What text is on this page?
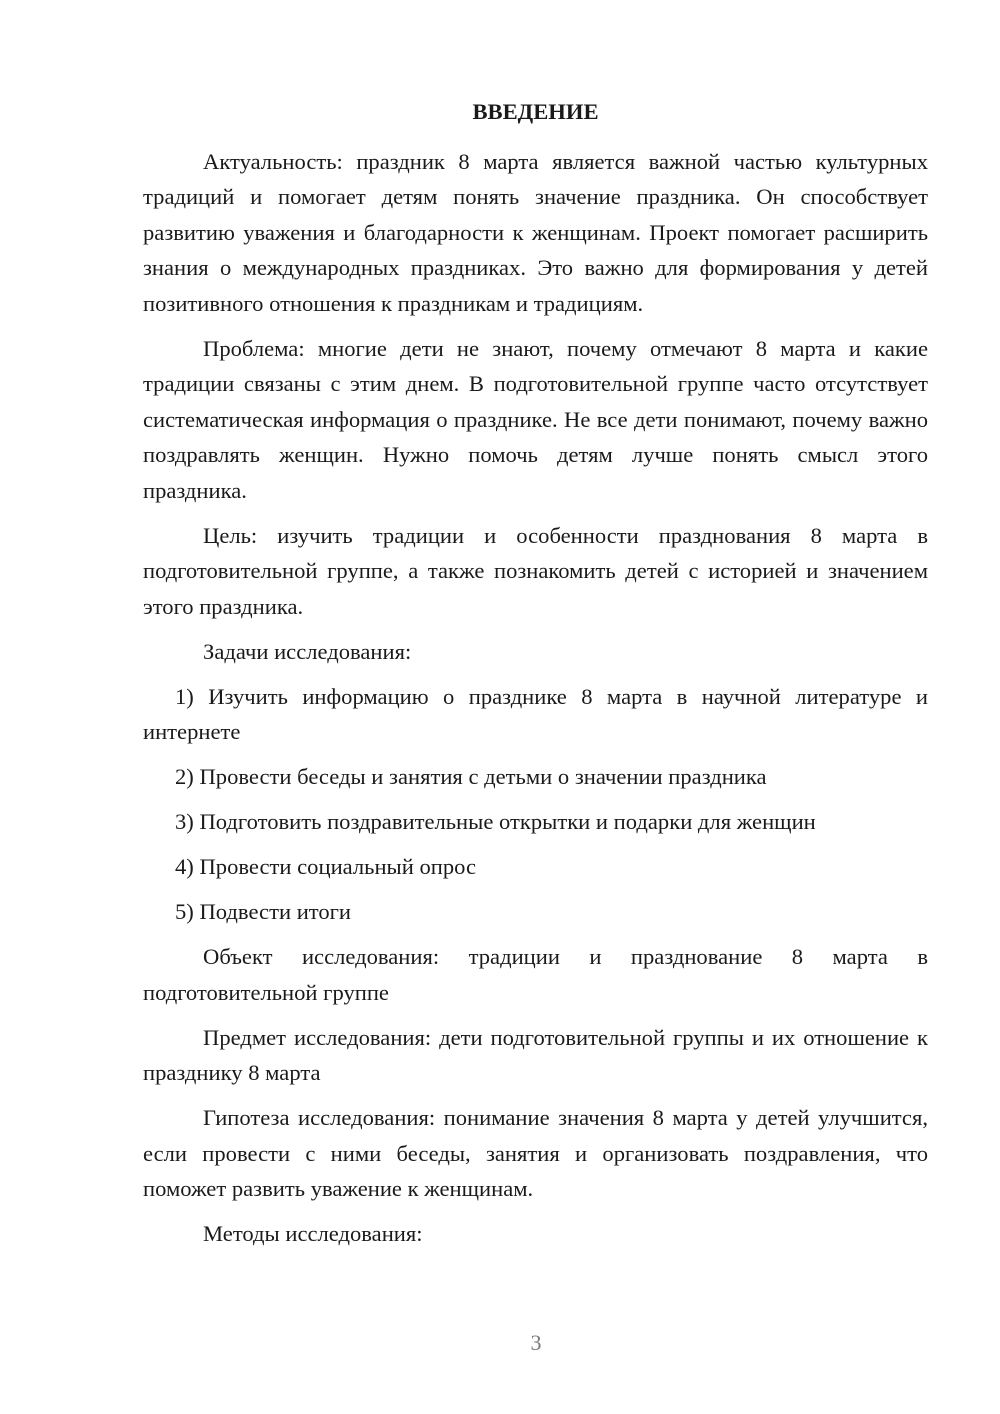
ВВЕДЕНИЕ

Актуальность: праздник 8 марта является важной частью культурных традиций и помогает детям понять значение праздника. Он способствует развитию уважения и благодарности к женщинам. Проект помогает расширить знания о международных праздниках. Это важно для формирования у детей позитивного отношения к праздникам и традициям.

Проблема: многие дети не знают, почему отмечают 8 марта и какие традиции связаны с этим днем. В подготовительной группе часто отсутствует систематическая информация о празднике. Не все дети понимают, почему важно поздравлять женщин. Нужно помочь детям лучше понять смысл этого праздника.

Цель: изучить традиции и особенности празднования 8 марта в подготовительной группе, а также познакомить детей с историей и значением этого праздника.

Задачи исследования:

1) Изучить информацию о празднике 8 марта в научной литературе и интернете

2) Провести беседы и занятия с детьми о значении праздника

3) Подготовить поздравительные открытки и подарки для женщин

4) Провести социальный опрос

5) Подвести итоги

Объект исследования: традиции и празднование 8 марта в подготовительной группе

Предмет исследования: дети подготовительной группы и их отношение к празднику 8 марта

Гипотеза исследования: понимание значения 8 марта у детей улучшится, если провести с ними беседы, занятия и организовать поздравления, что поможет развить уважение к женщинам.

Методы исследования:

3
